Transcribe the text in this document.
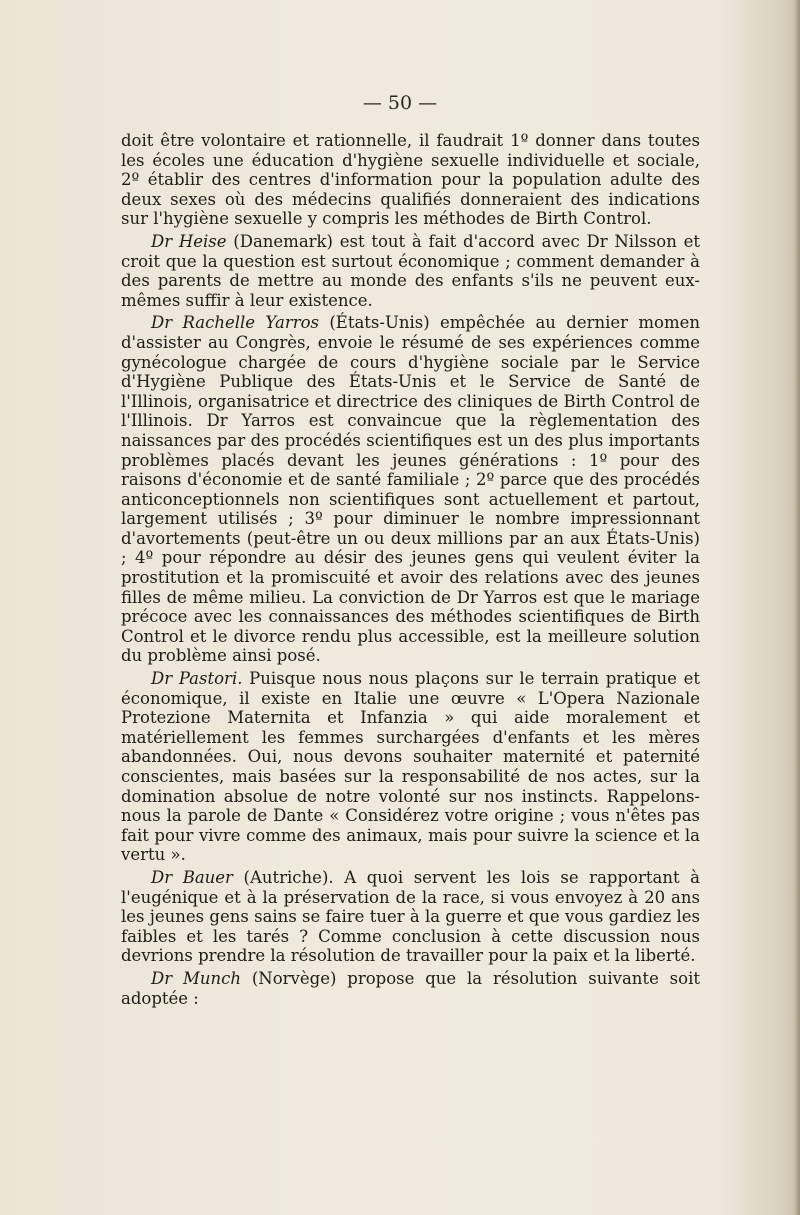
— 50 —

doit être volontaire et rationnelle, il faudrait 1º donner dans toutes les écoles une éducation d'hygiène sexuelle individuelle et sociale, 2º établir des centres d'information pour la population adulte des deux sexes où des médecins qualifiés donneraient des indications sur l'hygiène sexuelle y compris les méthodes de Birth Control.

Dr Heise (Danemark) est tout à fait d'accord avec Dr Nilsson et croit que la question est surtout économique ; comment demander à des parents de mettre au monde des enfants s'ils ne peuvent eux-mêmes suffir à leur existence.

Dr Rachelle Yarros (États-Unis) empêchée au dernier momen d'assister au Congrès, envoie le résumé de ses expériences comme gynécologue chargée de cours d'hygiène sociale par le Service d'Hygiène Publique des États-Unis et le Service de Santé de l'Illinois, organisatrice et directrice des cliniques de Birth Control de l'Illinois. Dr Yarros est convaincue que la règlementation des naissances par des procédés scientifiques est un des plus importants problèmes placés devant les jeunes générations : 1º pour des raisons d'économie et de santé familiale ; 2º parce que des procédés anticonceptionnels non scientifiques sont actuellement et partout, largement utilisés ; 3º pour diminuer le nombre impressionnant d'avortements (peut-être un ou deux millions par an aux États-Unis) ; 4º pour répondre au désir des jeunes gens qui veulent éviter la prostitution et la promiscuité et avoir des relations avec des jeunes filles de même milieu. La conviction de Dr Yarros est que le mariage précoce avec les connaissances des méthodes scientifiques de Birth Control et le divorce rendu plus accessible, est la meilleure solution du problème ainsi posé.

Dr Pastori. Puisque nous nous plaçons sur le terrain pratique et économique, il existe en Italie une œuvre « L'Opera Nazionale Protezione Maternita et Infanzia » qui aide moralement et matériellement les femmes surchargées d'enfants et les mères abandonnées. Oui, nous devons souhaiter maternité et paternité conscientes, mais basées sur la responsabilité de nos actes, sur la domination absolue de notre volonté sur nos instincts. Rappelons-nous la parole de Dante « Considérez votre origine ; vous n'êtes pas fait pour vivre comme des animaux, mais pour suivre la science et la vertu ».

Dr Bauer (Autriche). A quoi servent les lois se rapportant à l'eugénique et à la préservation de la race, si vous envoyez à 20 ans les jeunes gens sains se faire tuer à la guerre et que vous gardiez les faibles et les tarés ? Comme conclusion à cette discussion nous devrions prendre la résolution de travailler pour la paix et la liberté.

Dr Munch (Norvège) propose que la résolution suivante soit adoptée :
